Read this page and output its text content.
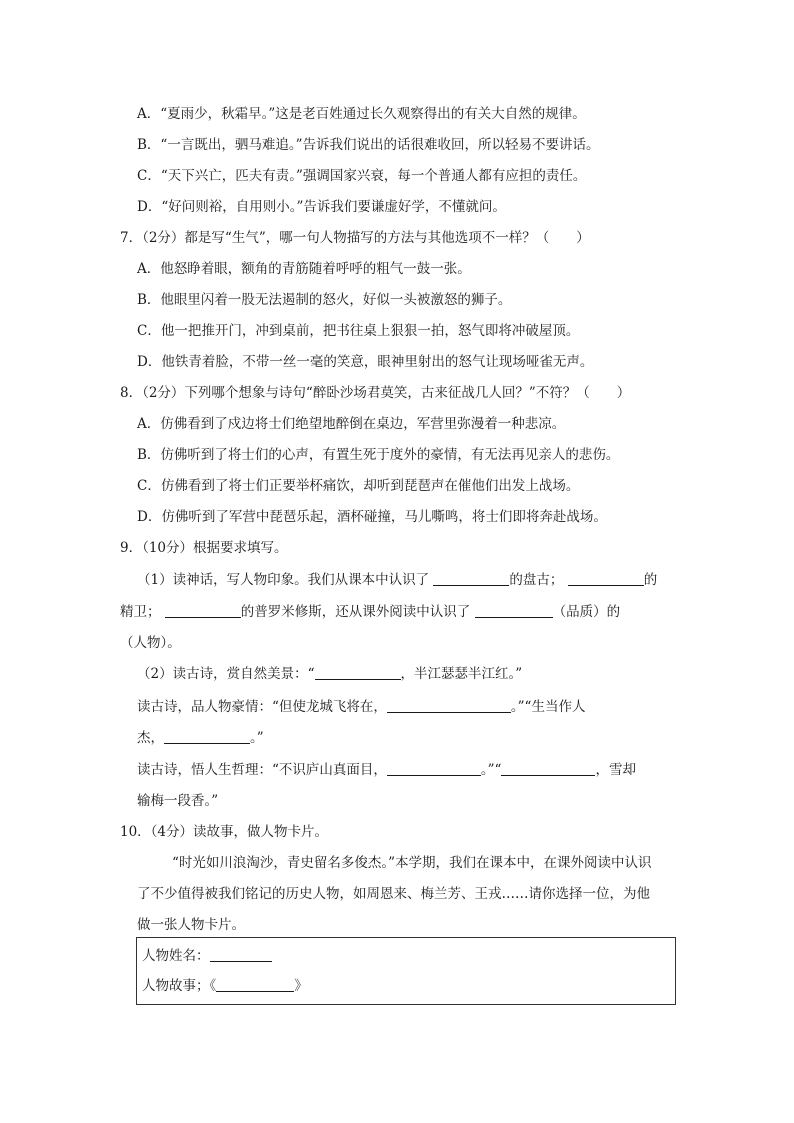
A．“夏雨少，秋霜早。”这是老百姓通过长久观察得出的有关大自然的规律。
B．“一言既出，驷马难追。”告诉我们说出的话很难收回，所以轻易不要讲话。
C．“天下兴亡，匹夫有责。”强调国家兴衰，每一个普通人都有应担的责任。
D．“好问则裕，自用则小。”告诉我们要谦虚好学，不懂就问。
7．（2分）都是写“生气”，哪一句人物描写的方法与其他选项不一样？（　　）
A．他怒睁着眼，额角的青筋随着呼呼的粗气一鼓一张。
B．他眼里闪着一股无法遏制的怒火，好似一头被激怒的狮子。
C．他一把推开门，冲到桌前，把书往桌上狠狠一拍，怒气即将冲破屋顶。
D．他铁青着脸，不带一丝一毫的笑意，眼神里射出的怒气让现场哑雀无声。
8．（2分）下列哪个想象与诗句“醉卧沙场君莫笑，古来征战几人回？”不符？（　　）
A．仿佛看到了戍边将士们绝望地醉倒在桌边，军营里弥漫着一种悲凉。
B．仿佛听到了将士们的心声，有置生死于度外的豪情，有无法再见亲人的悲伤。
C．仿佛看到了将士们正要举杯痛饮，却听到琵琶声在催他们出发上战场。
D．仿佛听到了军营中琵琶乐起，酒杯碰撞，马儿嘶鸣，将士们即将奔赴战场。
9．（10分）根据要求填写。
（1）读神话，写人物印象。我们从课本中认识了	的盘古；	的
精卫；	的普罗米修斯，还从课外阅读中认识了	（品质）的
（人物）。
（2）读古诗，赏自然美景：“	，半江瑟瑟半江红。”
读古诗，品人物豪情：“但使龙城飞将在，	。”“生当作人
杰，	。”
读古诗，悟人生哲理：“不识庐山真面目，	。”“	，雪却
输梅一段香。”
10．（4分）读故事，做人物卡片。
“时光如川浪淘沙，青史留名多俊杰。”本学期，我们在课本中，在课外阅读中认识
了不少值得被我们铭记的历史人物，如周恩来、梅兰芳、王戎……请你选择一位，为他
做一张人物卡片。
人物姓名：
人物故事；《	》
